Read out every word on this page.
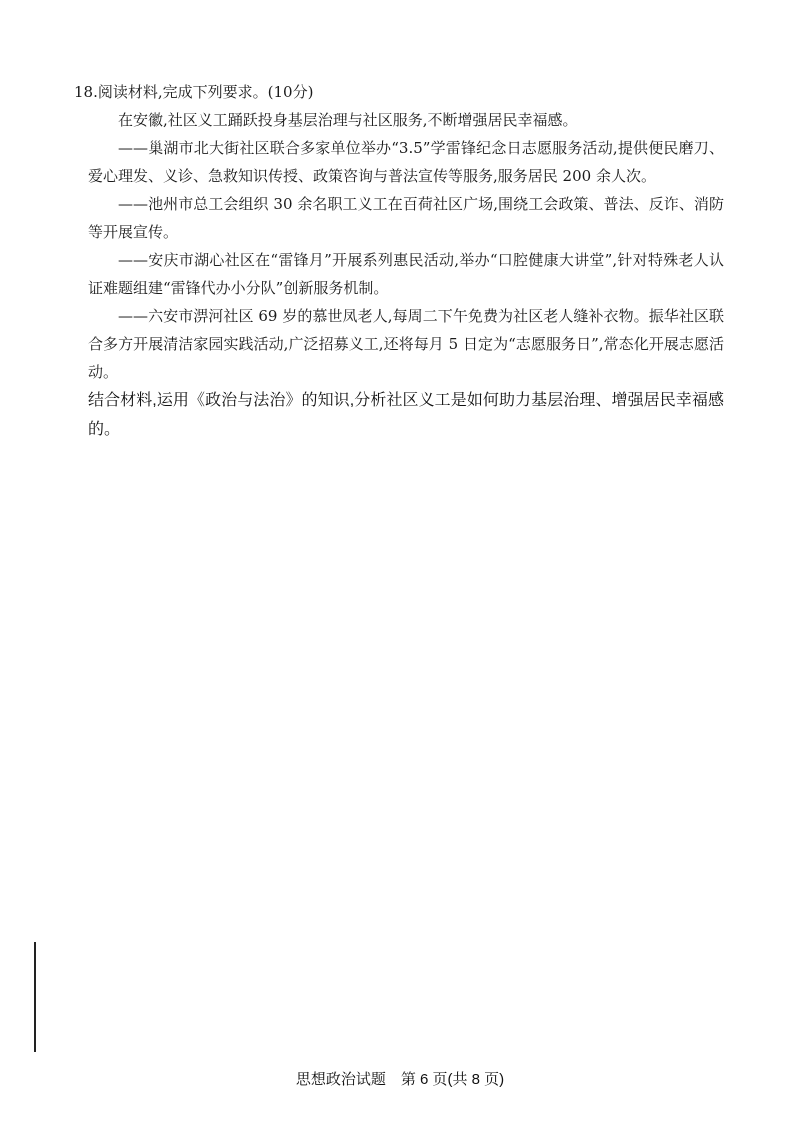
18.阅读材料,完成下列要求。(10分)

在安徽,社区义工踊跃投身基层治理与社区服务,不断增强居民幸福感。

——巢湖市北大街社区联合多家单位举办“3.5”学雷锋纪念日志愿服务活动,提供便民磨刀、爱心理发、义诊、急救知识传授、政策咨询与普法宣传等服务,服务居民 200 余人次。

——池州市总工会组织 30 余名职工义工在百荷社区广场,围绕工会政策、普法、反诈、消防等开展宣传。

——安庆市湖心社区在“雷锋月”开展系列惠民活动,举办“口腔健康大讲堂”,针对特殊老人认证难题组建“雷锋代办小分队”创新服务机制。

——六安市淠河社区 69 岁的慕世凤老人,每周二下午免费为社区老人缝补衣物。振华社区联合多方开展清洁家园实践活动,广泛招募义工,还将每月 5 日定为“志愿服务日”,常态化开展志愿活动。

结合材料,运用《政治与法治》的知识,分析社区义工是如何助力基层治理、增强居民幸福感的。

思想政治试题　第 6 页(共 8 页)
